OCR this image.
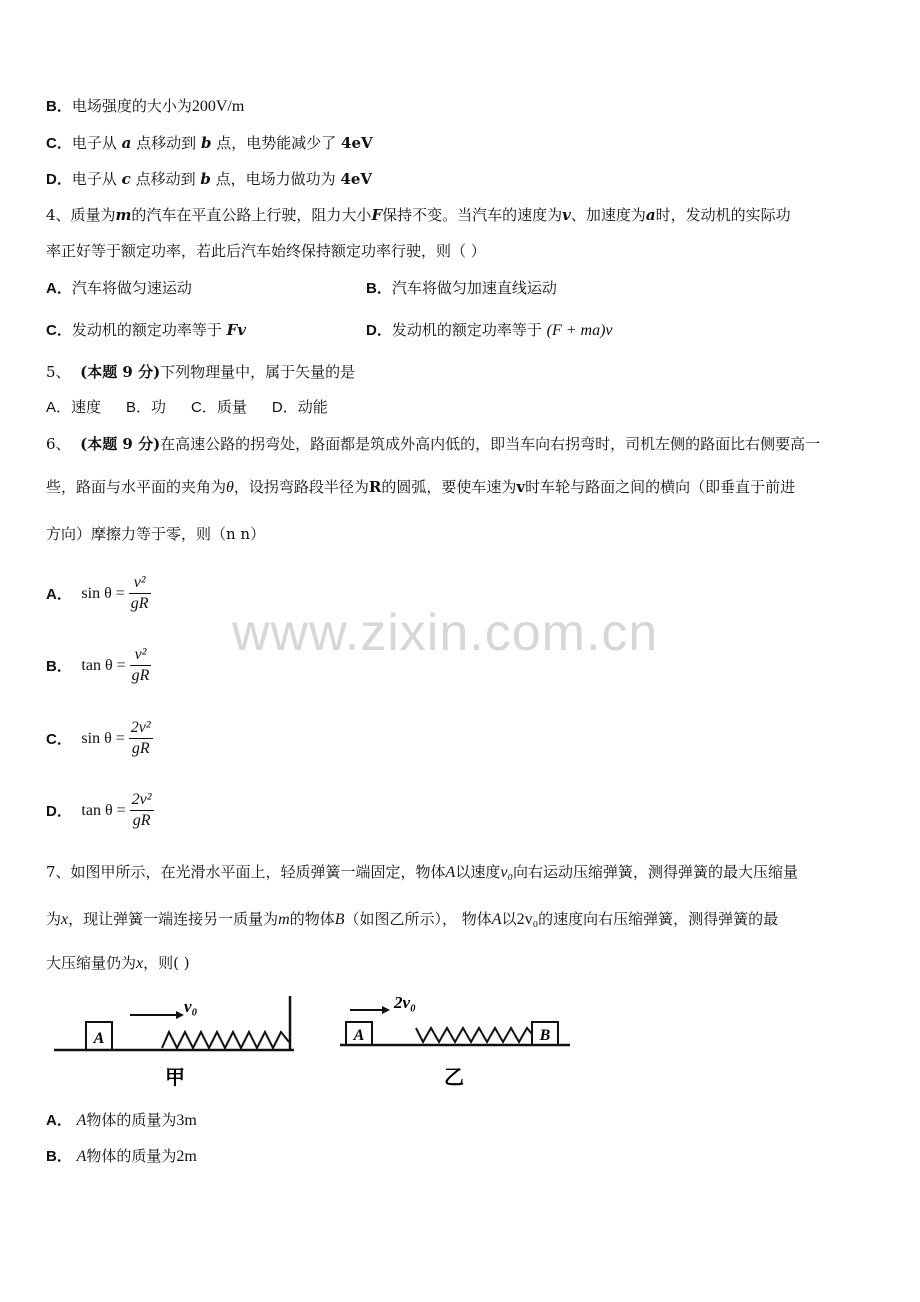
www.zixin.com.cn
B．电场强度的大小为200V/m
C．电子从 a 点移动到 b 点，电势能减少了 4eV
D．电子从 c 点移动到 b 点，电场力做功为 4eV
4、质量为m的汽车在平直公路上行驶，阻力大小F保持不变。当汽车的速度为v、加速度为a时，发动机的实际功
率正好等于额定功率，若此后汽车始终保持额定功率行驶，则（ ）
A．汽车将做匀速运动	B．汽车将做匀加速直线运动
C．发动机的额定功率等于 Fv	D．发动机的额定功率等于 (F + ma)v
5、 (本题 9 分)下列物理量中，属于矢量的是
A．速度      B．功      C．质量      D．动能
6、 (本题 9 分)在高速公路的拐弯处，路面都是筑成外高内低的，即当车向右拐弯时，司机左侧的路面比右侧要高一
些，路面与水平面的夹角为θ，设拐弯路段半径为R的圆弧，要使车速为v时车轮与路面之间的横向（即垂直于前进
方向）摩擦力等于零，则（n n）
A．
$\sin \theta = \frac{\text{v²}}{gR}$
B．
$\tan \theta = \frac{\text{v²}}{gR}$
C．
$\sin \theta = \frac{\text{2v²}}{gR}$
D．
$\tan \theta = \frac{\text{2v²}}{gR}$
7、如图甲所示，在光滑水平面上，轻质弹簧一端固定，物体A以速度v₀向右运动压缩弹簧，测得弹簧的最大压缩量
为x，现让弹簧一端连接另一质量为m的物体B（如图乙所示）， 物体A以2v₀的速度向右压缩弹簧，测得弹簧的最
大压缩量仍为x，则( )
A
v₀
甲
A	B
2v₀
乙
A． A物体的质量为3m
B． A物体的质量为2m
